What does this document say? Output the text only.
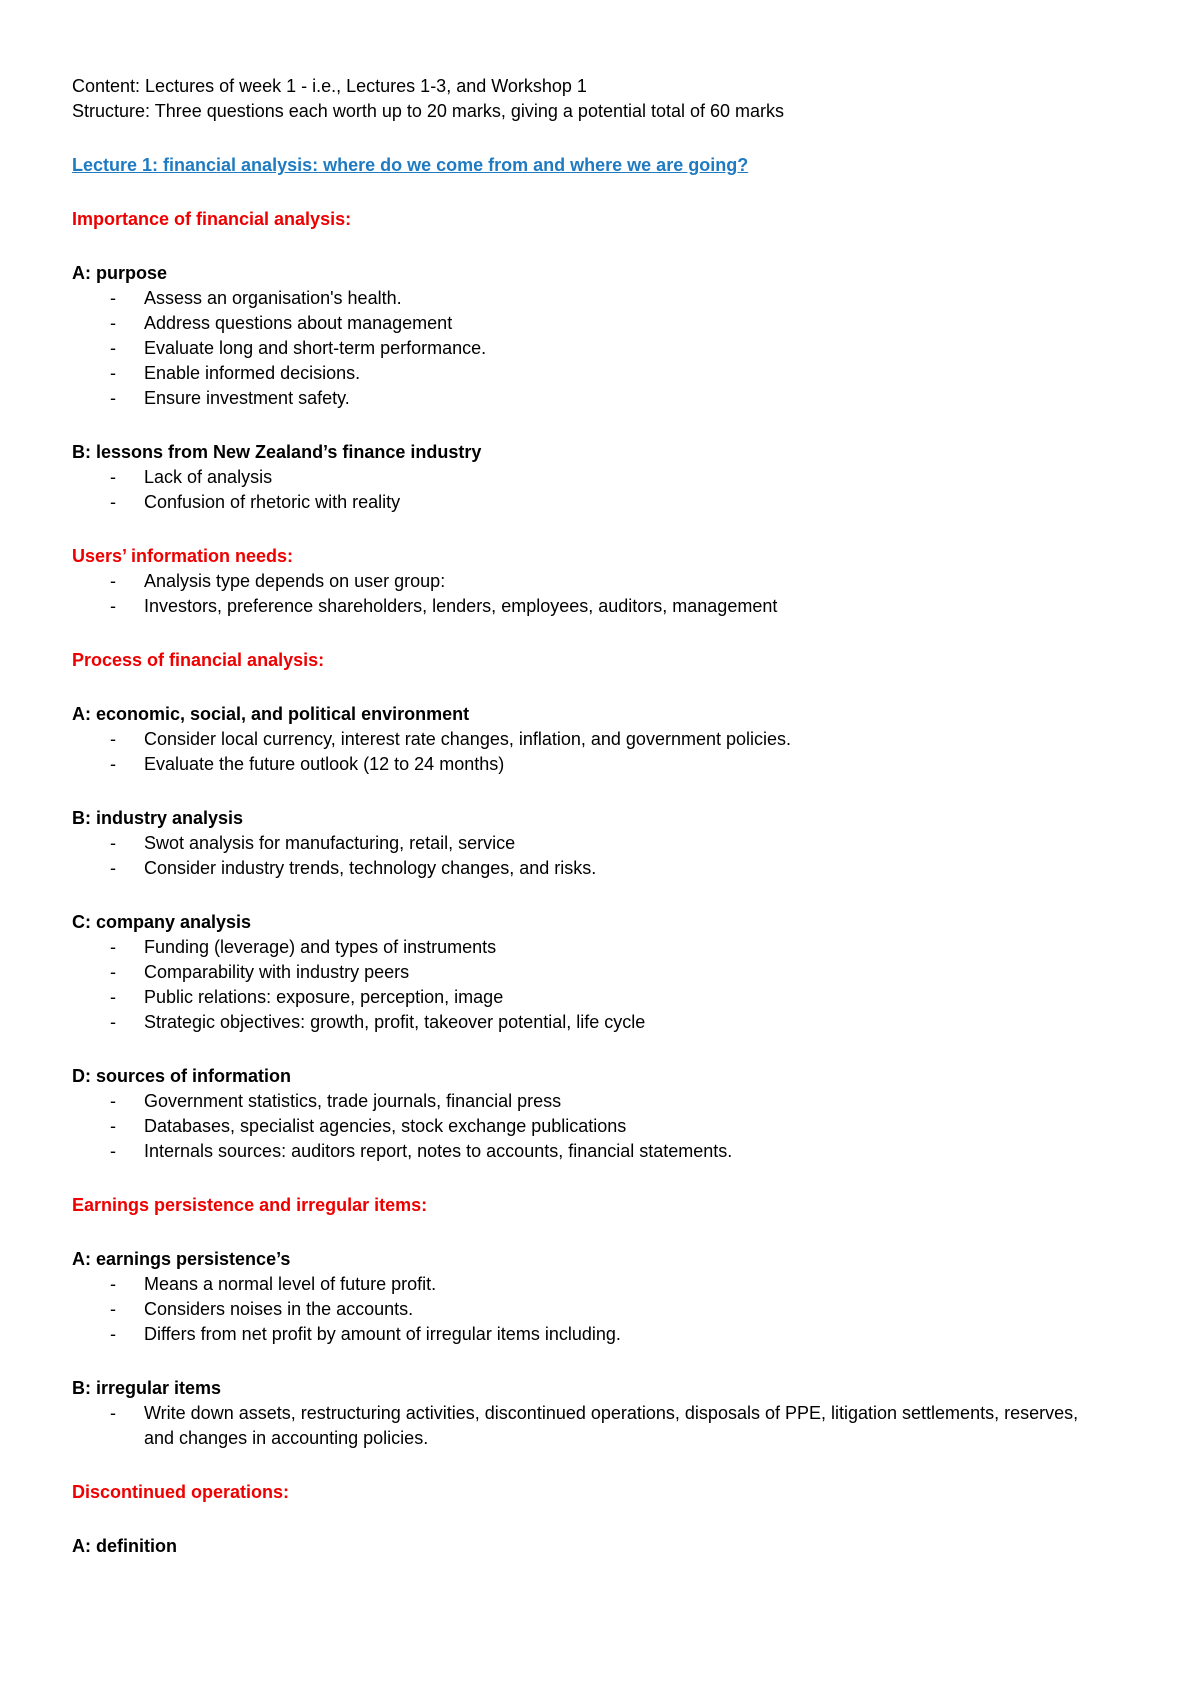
Content: Lectures of week 1 - i.e., Lectures 1-3, and Workshop 1
Structure: Three questions each worth up to 20 marks, giving a potential total of 60 marks
Lecture 1: financial analysis: where do we come from and where we are going?
Importance of financial analysis:
A: purpose
- Assess an organisation's health.
- Address questions about management
- Evaluate long and short-term performance.
- Enable informed decisions.
- Ensure investment safety.
B: lessons from New Zealand’s finance industry
- Lack of analysis
- Confusion of rhetoric with reality
Users’ information needs:
- Analysis type depends on user group:
- Investors, preference shareholders, lenders, employees, auditors, management
Process of financial analysis:
A: economic, social, and political environment
- Consider local currency, interest rate changes, inflation, and government policies.
- Evaluate the future outlook (12 to 24 months)
B: industry analysis
- Swot analysis for manufacturing, retail, service
- Consider industry trends, technology changes, and risks.
C: company analysis
- Funding (leverage) and types of instruments
- Comparability with industry peers
- Public relations: exposure, perception, image
- Strategic objectives: growth, profit, takeover potential, life cycle
D: sources of information
- Government statistics, trade journals, financial press
- Databases, specialist agencies, stock exchange publications
- Internals sources: auditors report, notes to accounts, financial statements.
Earnings persistence and irregular items:
A: earnings persistence’s
- Means a normal level of future profit.
- Considers noises in the accounts.
- Differs from net profit by amount of irregular items including.
B: irregular items
- Write down assets, restructuring activities, discontinued operations, disposals of PPE, litigation settlements, reserves, and changes in accounting policies.
Discontinued operations:
A: definition
